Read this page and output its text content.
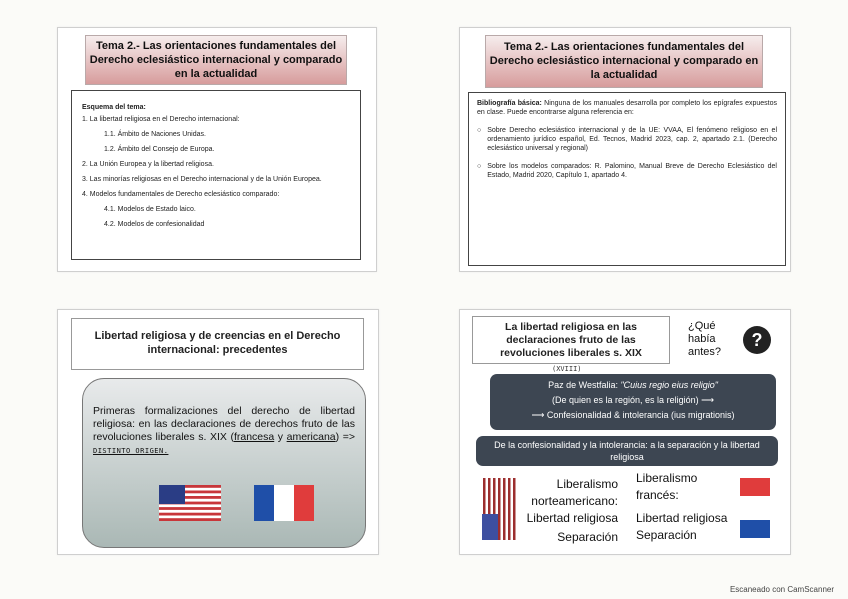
Tema 2.- Las orientaciones fundamentales del Derecho eclesiástico internacional y comparado en la actualidad
Esquema del tema:
1. La libertad religiosa en el Derecho internacional:
1.1. Ámbito de Naciones Unidas.
1.2. Ámbito del Consejo de Europa.
2. La Unión Europea y la libertad religiosa.
3. Las minorías religiosas en el Derecho internacional y de la Unión Europea.
4. Modelos fundamentales de Derecho eclesiástico comparado:
4.1. Modelos de Estado laico.
4.2. Modelos de confesionalidad
Tema 2.- Las orientaciones fundamentales del Derecho eclesiástico internacional y comparado en la actualidad
Bibliografía básica: Ninguna de los manuales desarrolla por completo los epígrafes expuestos en clase. Puede encontrarse alguna referencia en:
○ Sobre Derecho eclesiástico internacional y de la UE: VVAA, El fenómeno religioso en el ordenamiento jurídico español, Ed. Tecnos, Madrid 2023, cap. 2, apartado 2.1. (Derecho eclesiástico universal y regional)
○ Sobre los modelos comparados: R. Palomino, Manual Breve de Derecho Eclesiástico del Estado, Madrid 2020, Capítulo 1, apartado 4.
Libertad religiosa y de creencias en el Derecho internacional: precedentes
Primeras formalizaciones del derecho de libertad religiosa: en las declaraciones de derechos fruto de las revoluciones liberales s. XIX (francesa y americana) => DISTINTO ORIGEN.
La libertad religiosa en las declaraciones fruto de las revoluciones liberales s. XIX
(XVIII)
¿Qué había antes?
?
Paz de Westfalia: "Cuius regio eius religio"
(De quien es la región, es la religión) ⟶
⟶ Confesionalidad & intolerancia (ius migrationis)
De la confesionalidad y la intolerancia: a la separación y la libertad religiosa
Liberalismo
norteamericano:
Libertad religiosa
Separación
Liberalismo
francés:
Libertad religiosa
Separación
Escaneado con CamScanner
